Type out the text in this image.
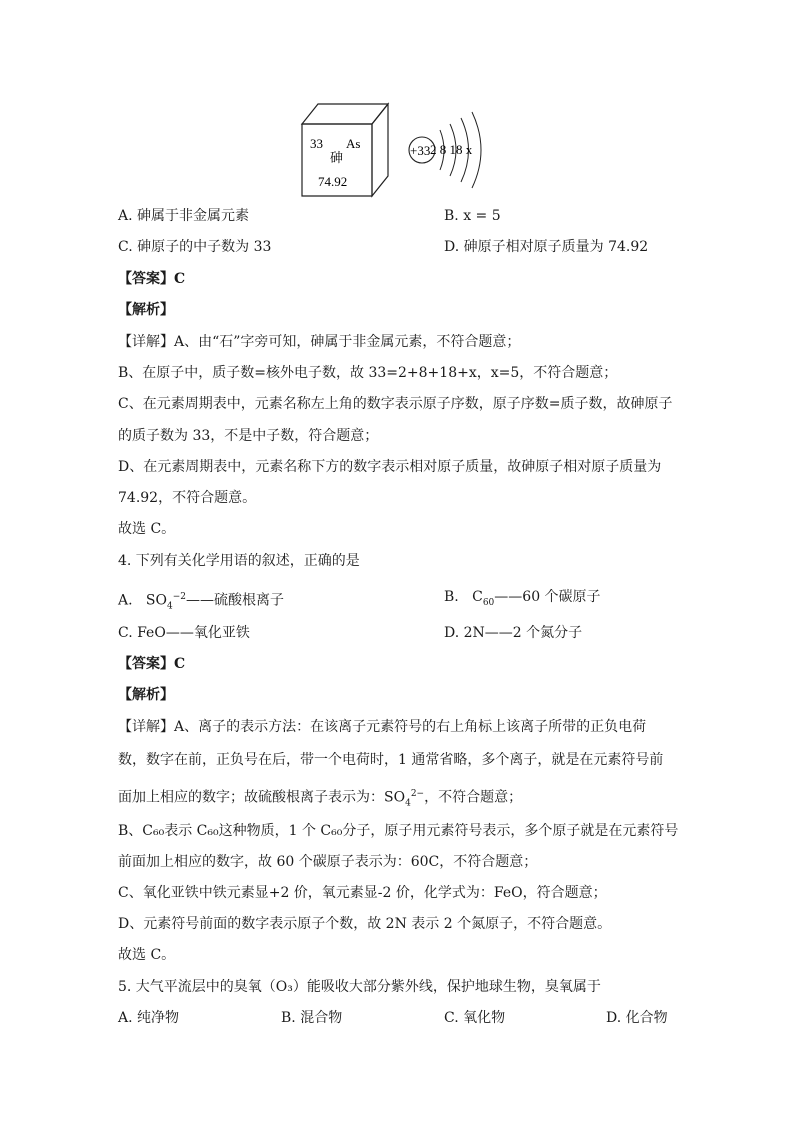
33 As
砷
74.92
+33 2 8 18 x
A. 砷属于非金属元素	B. x = 5
C. 砷原子的中子数为 33	D. 砷原子相对原子质量为 74.92
【答案】C
【解析】
【详解】A、由“石”字旁可知，砷属于非金属元素，不符合题意；
B、在原子中，质子数=核外电子数，故 33=2+8+18+x，x=5，不符合题意；
C、在元素周期表中，元素名称左上角的数字表示原子序数，原子序数=质子数，故砷原子
的质子数为 33，不是中子数，符合题意；
D、在元素周期表中，元素名称下方的数字表示相对原子质量，故砷原子相对原子质量为
74.92，不符合题意。
故选 C。
4. 下列有关化学用语的叙述，正确的是
A. $SO_4^{-2}——$硫酸根离子	B. $C_{60}——60$ 个碳原子
C. FeO——氧化亚铁	D. 2N——2 个氮分子
【答案】C
【解析】
【详解】A、离子的表示方法：在该离子元素符号的右上角标上该离子所带的正负电荷
数，数字在前，正负号在后，带一个电荷时，1 通常省略，多个离子，就是在元素符号前
面加上相应的数字；故硫酸根离子表示为：$SO_4^{2-}$，不符合题意；
B、C₆₀表示 C₆₀这种物质，1 个 C₆₀分子，原子用元素符号表示，多个原子就是在元素符号
前面加上相应的数字，故 60 个碳原子表示为：60C，不符合题意；
C、氧化亚铁中铁元素显+2 价，氧元素显-2 价，化学式为：FeO，符合题意；
D、元素符号前面的数字表示原子个数，故 2N 表示 2 个氮原子，不符合题意。
故选 C。
5. 大气平流层中的臭氧（O₃）能吸收大部分紫外线，保护地球生物，臭氧属于
A. 纯净物	B. 混合物	C. 氧化物	D. 化合物
